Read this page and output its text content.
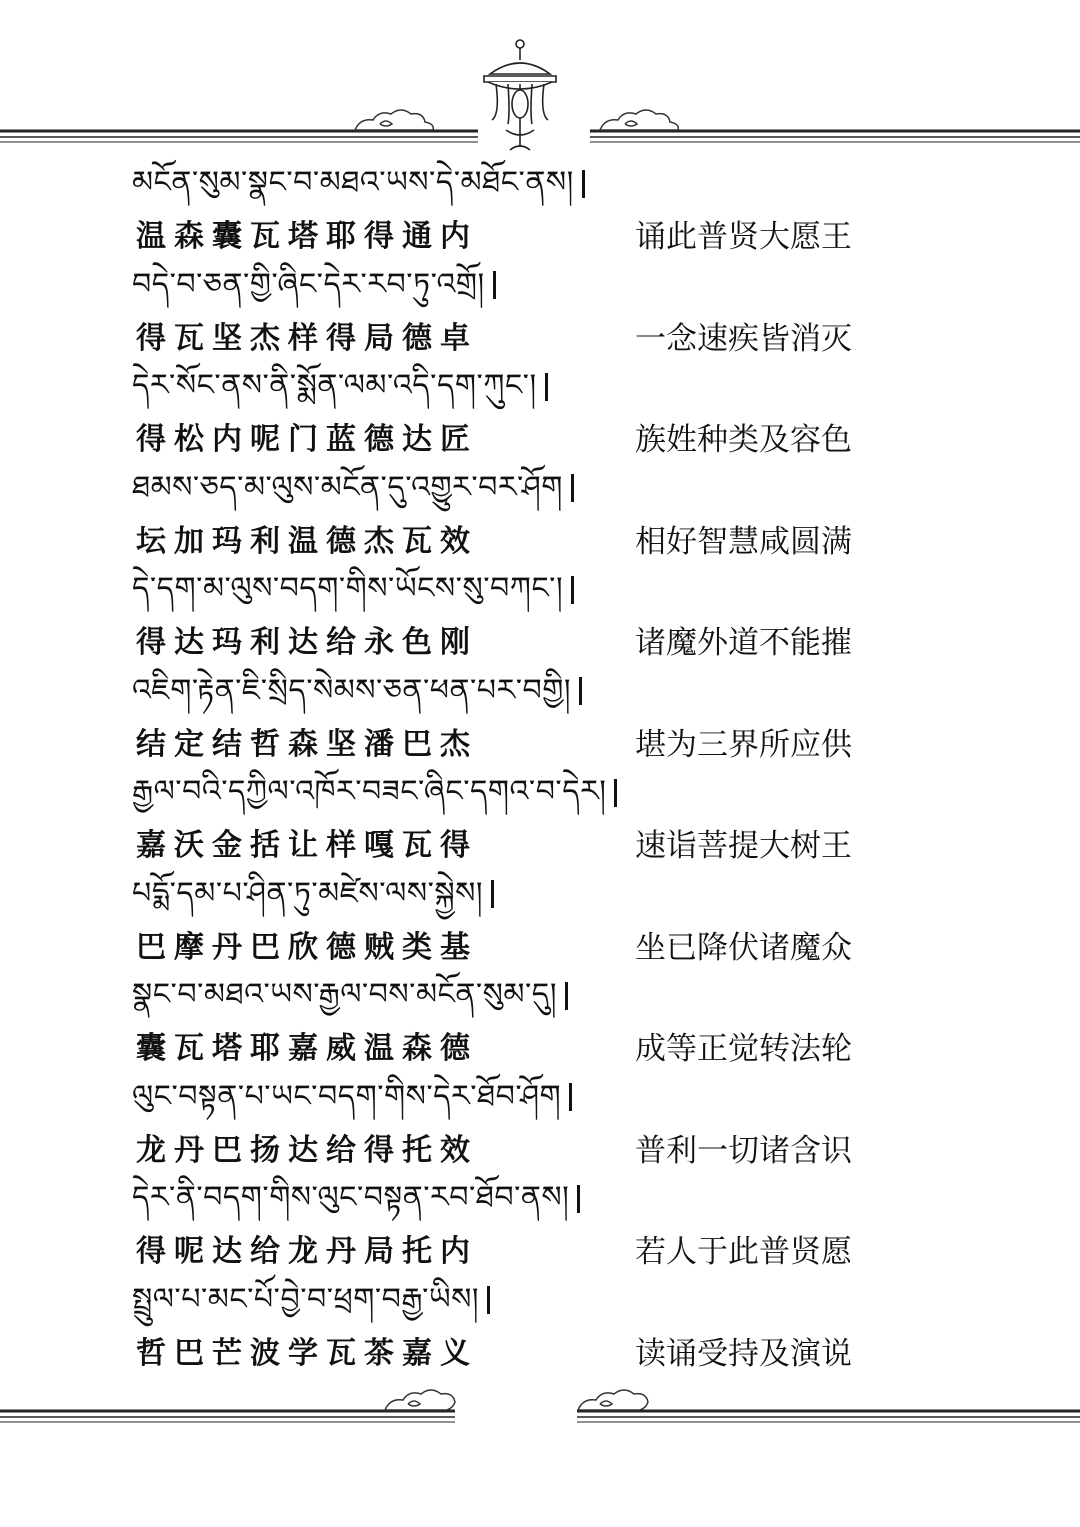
མངོན་སུམ་སྣང་བ་མཐའ་ཡས་དེ་མཐོང་ནས།
温森囊瓦塔耶得通内	诵此普贤大愿王
བདེ་བ་ཅན་གྱི་ཞིང་དེར་རབ་ཏུ་འགྲོ།
得瓦坚杰样得局德卓	一念速疾皆消灭
དེར་སོང་ནས་ནི་སྨོན་ལམ་འདི་དག་ཀུང་།
得松内呢门蓝德达匠	族姓种类及容色
ཐམས་ཅད་མ་ལུས་མངོན་དུ་འགྱུར་བར་ཤོག
坛加玛利温德杰瓦效	相好智慧咸圆满
དེ་དག་མ་ལུས་བདག་གིས་ཡོངས་སུ་བཀང་།
得达玛利达给永色刚	诸魔外道不能摧
འཇིག་རྟེན་ཇི་སྲིད་སེམས་ཅན་ཕན་པར་བགྱི།
结定结哲森坚潘巴杰	堪为三界所应供
རྒྱལ་བའི་དཀྱིལ་འཁོར་བཟང་ཞིང་དགའ་བ་དེར།
嘉沃金括让样嘎瓦得	速诣菩提大树王
པདྨོ་དམ་པ་ཤིན་ཏུ་མཛེས་ལས་སྐྱེས།
巴摩丹巴欣德贼类基	坐已降伏诸魔众
སྣང་བ་མཐའ་ཡས་རྒྱལ་བས་མངོན་སུམ་དུ།
囊瓦塔耶嘉威温森德	成等正觉转法轮
ལུང་བསྟན་པ་ཡང་བདག་གིས་དེར་ཐོབ་ཤོག
龙丹巴扬达给得托效	普利一切诸含识
དེར་ནི་བདག་གིས་ལུང་བསྟན་རབ་ཐོབ་ནས།
得呢达给龙丹局托内	若人于此普贤愿
སྤྲུལ་པ་མང་པོ་བྱེ་བ་ཕྲག་བརྒྱ་ཡིས།
哲巴芒波学瓦茶嘉义	读诵受持及演说
